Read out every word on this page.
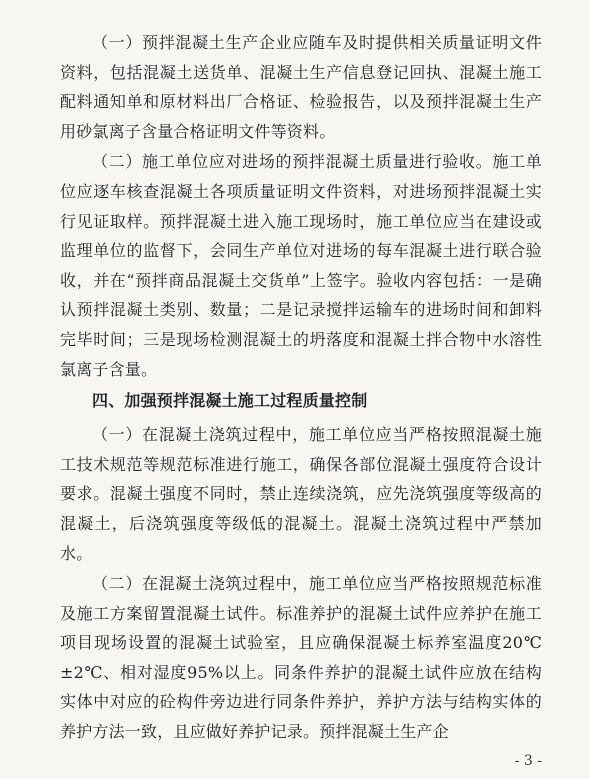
（一）预拌混凝土生产企业应随车及时提供相关质量证明文件资料，包括混凝土送货单、混凝土生产信息登记回执、混凝土施工配料通知单和原材料出厂合格证、检验报告，以及预拌混凝土生产用砂氯离子含量合格证明文件等资料。

（二）施工单位应对进场的预拌混凝土质量进行验收。施工单位应逐车核查混凝土各项质量证明文件资料，对进场预拌混凝土实行见证取样。预拌混凝土进入施工现场时，施工单位应当在建设或监理单位的监督下，会同生产单位对进场的每车混凝土进行联合验收，并在“预拌商品混凝土交货单”上签字。验收内容包括：一是确认预拌混凝土类别、数量；二是记录搅拌运输车的进场时间和卸料完毕时间；三是现场检测混凝土的坍落度和混凝土拌合物中水溶性氯离子含量。

四、加强预拌混凝土施工过程质量控制

（一）在混凝土浇筑过程中，施工单位应当严格按照混凝土施工技术规范等规范标准进行施工，确保各部位混凝土强度符合设计要求。混凝土强度不同时，禁止连续浇筑，应先浇筑强度等级高的混凝土，后浇筑强度等级低的混凝土。混凝土浇筑过程中严禁加水。

（二）在混凝土浇筑过程中，施工单位应当严格按照规范标准及施工方案留置混凝土试件。标准养护的混凝土试件应养护在施工项目现场设置的混凝土试验室，且应确保混凝土标养室温度20℃±2℃、相对湿度95%以上。同条件养护的混凝土试件应放在结构实体中对应的砼构件旁边进行同条件养护，养护方法与结构实体的养护方法一致，且应做好养护记录。预拌混凝土生产企

- 3 -
